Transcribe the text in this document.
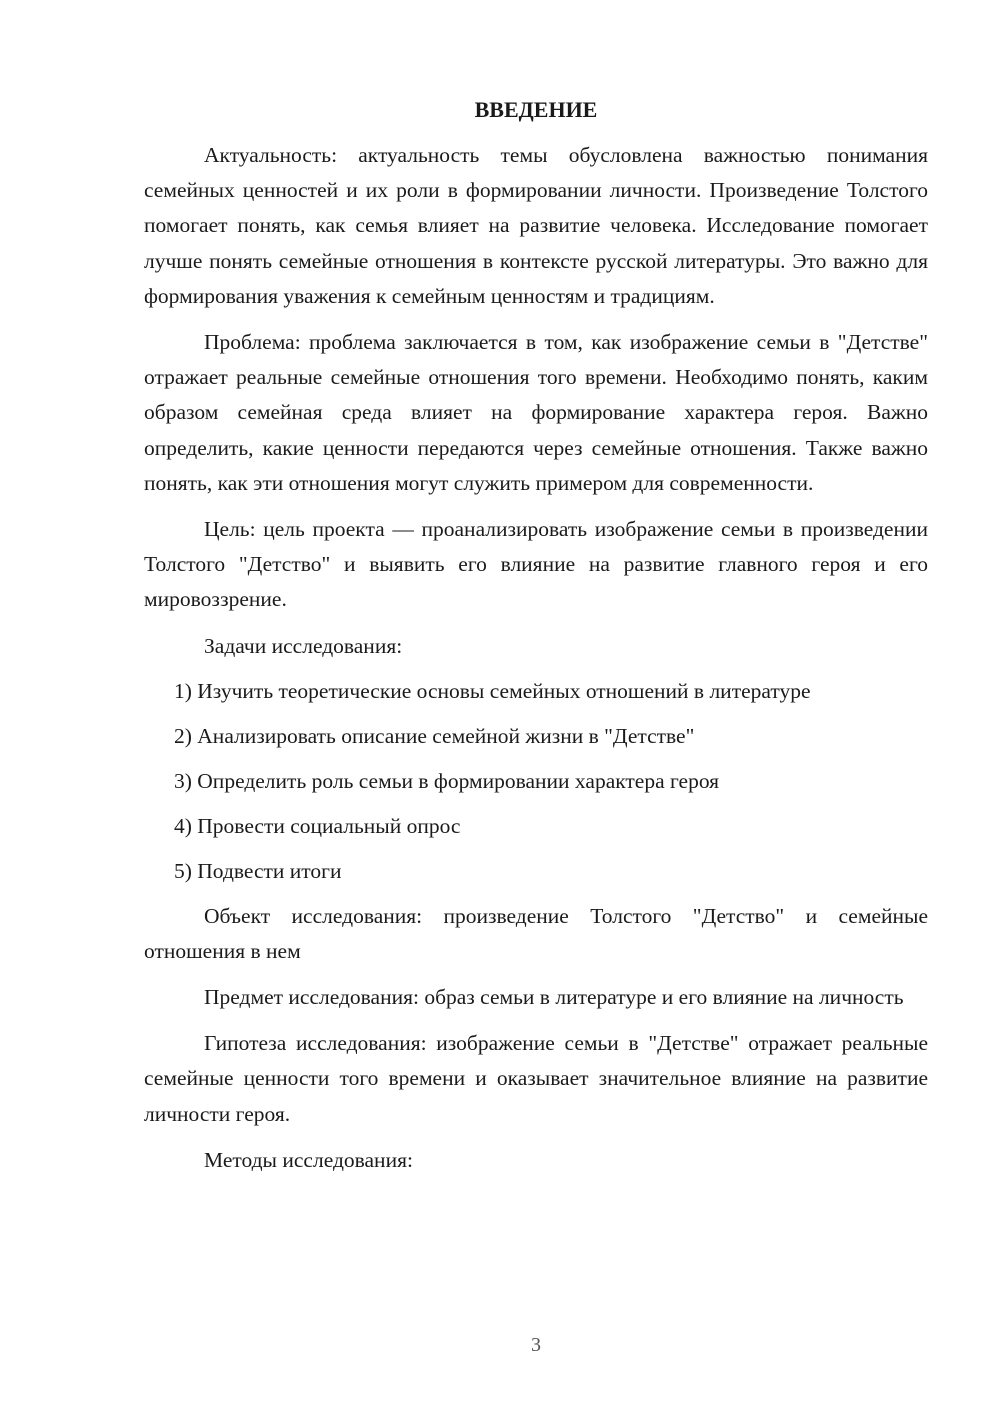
ВВЕДЕНИЕ

Актуальность: актуальность темы обусловлена важностью понимания семейных ценностей и их роли в формировании личности. Произведение Толстого помогает понять, как семья влияет на развитие человека. Исследование помогает лучше понять семейные отношения в контексте русской литературы. Это важно для формирования уважения к семейным ценностям и традициям.

Проблема: проблема заключается в том, как изображение семьи в "Детстве" отражает реальные семейные отношения того времени. Необходимо понять, каким образом семейная среда влияет на формирование характера героя. Важно определить, какие ценности передаются через семейные отношения. Также важно понять, как эти отношения могут служить примером для современности.

Цель: цель проекта — проанализировать изображение семьи в произведении Толстого "Детство" и выявить его влияние на развитие главного героя и его мировоззрение.

Задачи исследования:

1) Изучить теоретические основы семейных отношений в литературе

2) Анализировать описание семейной жизни в "Детстве"

3) Определить роль семьи в формировании характера героя

4) Провести социальный опрос

5) Подвести итоги

Объект исследования: произведение Толстого "Детство" и семейные отношения в нем

Предмет исследования: образ семьи в литературе и его влияние на личность

Гипотеза исследования: изображение семьи в "Детстве" отражает реальные семейные ценности того времени и оказывает значительное влияние на развитие личности героя.

Методы исследования:

3
